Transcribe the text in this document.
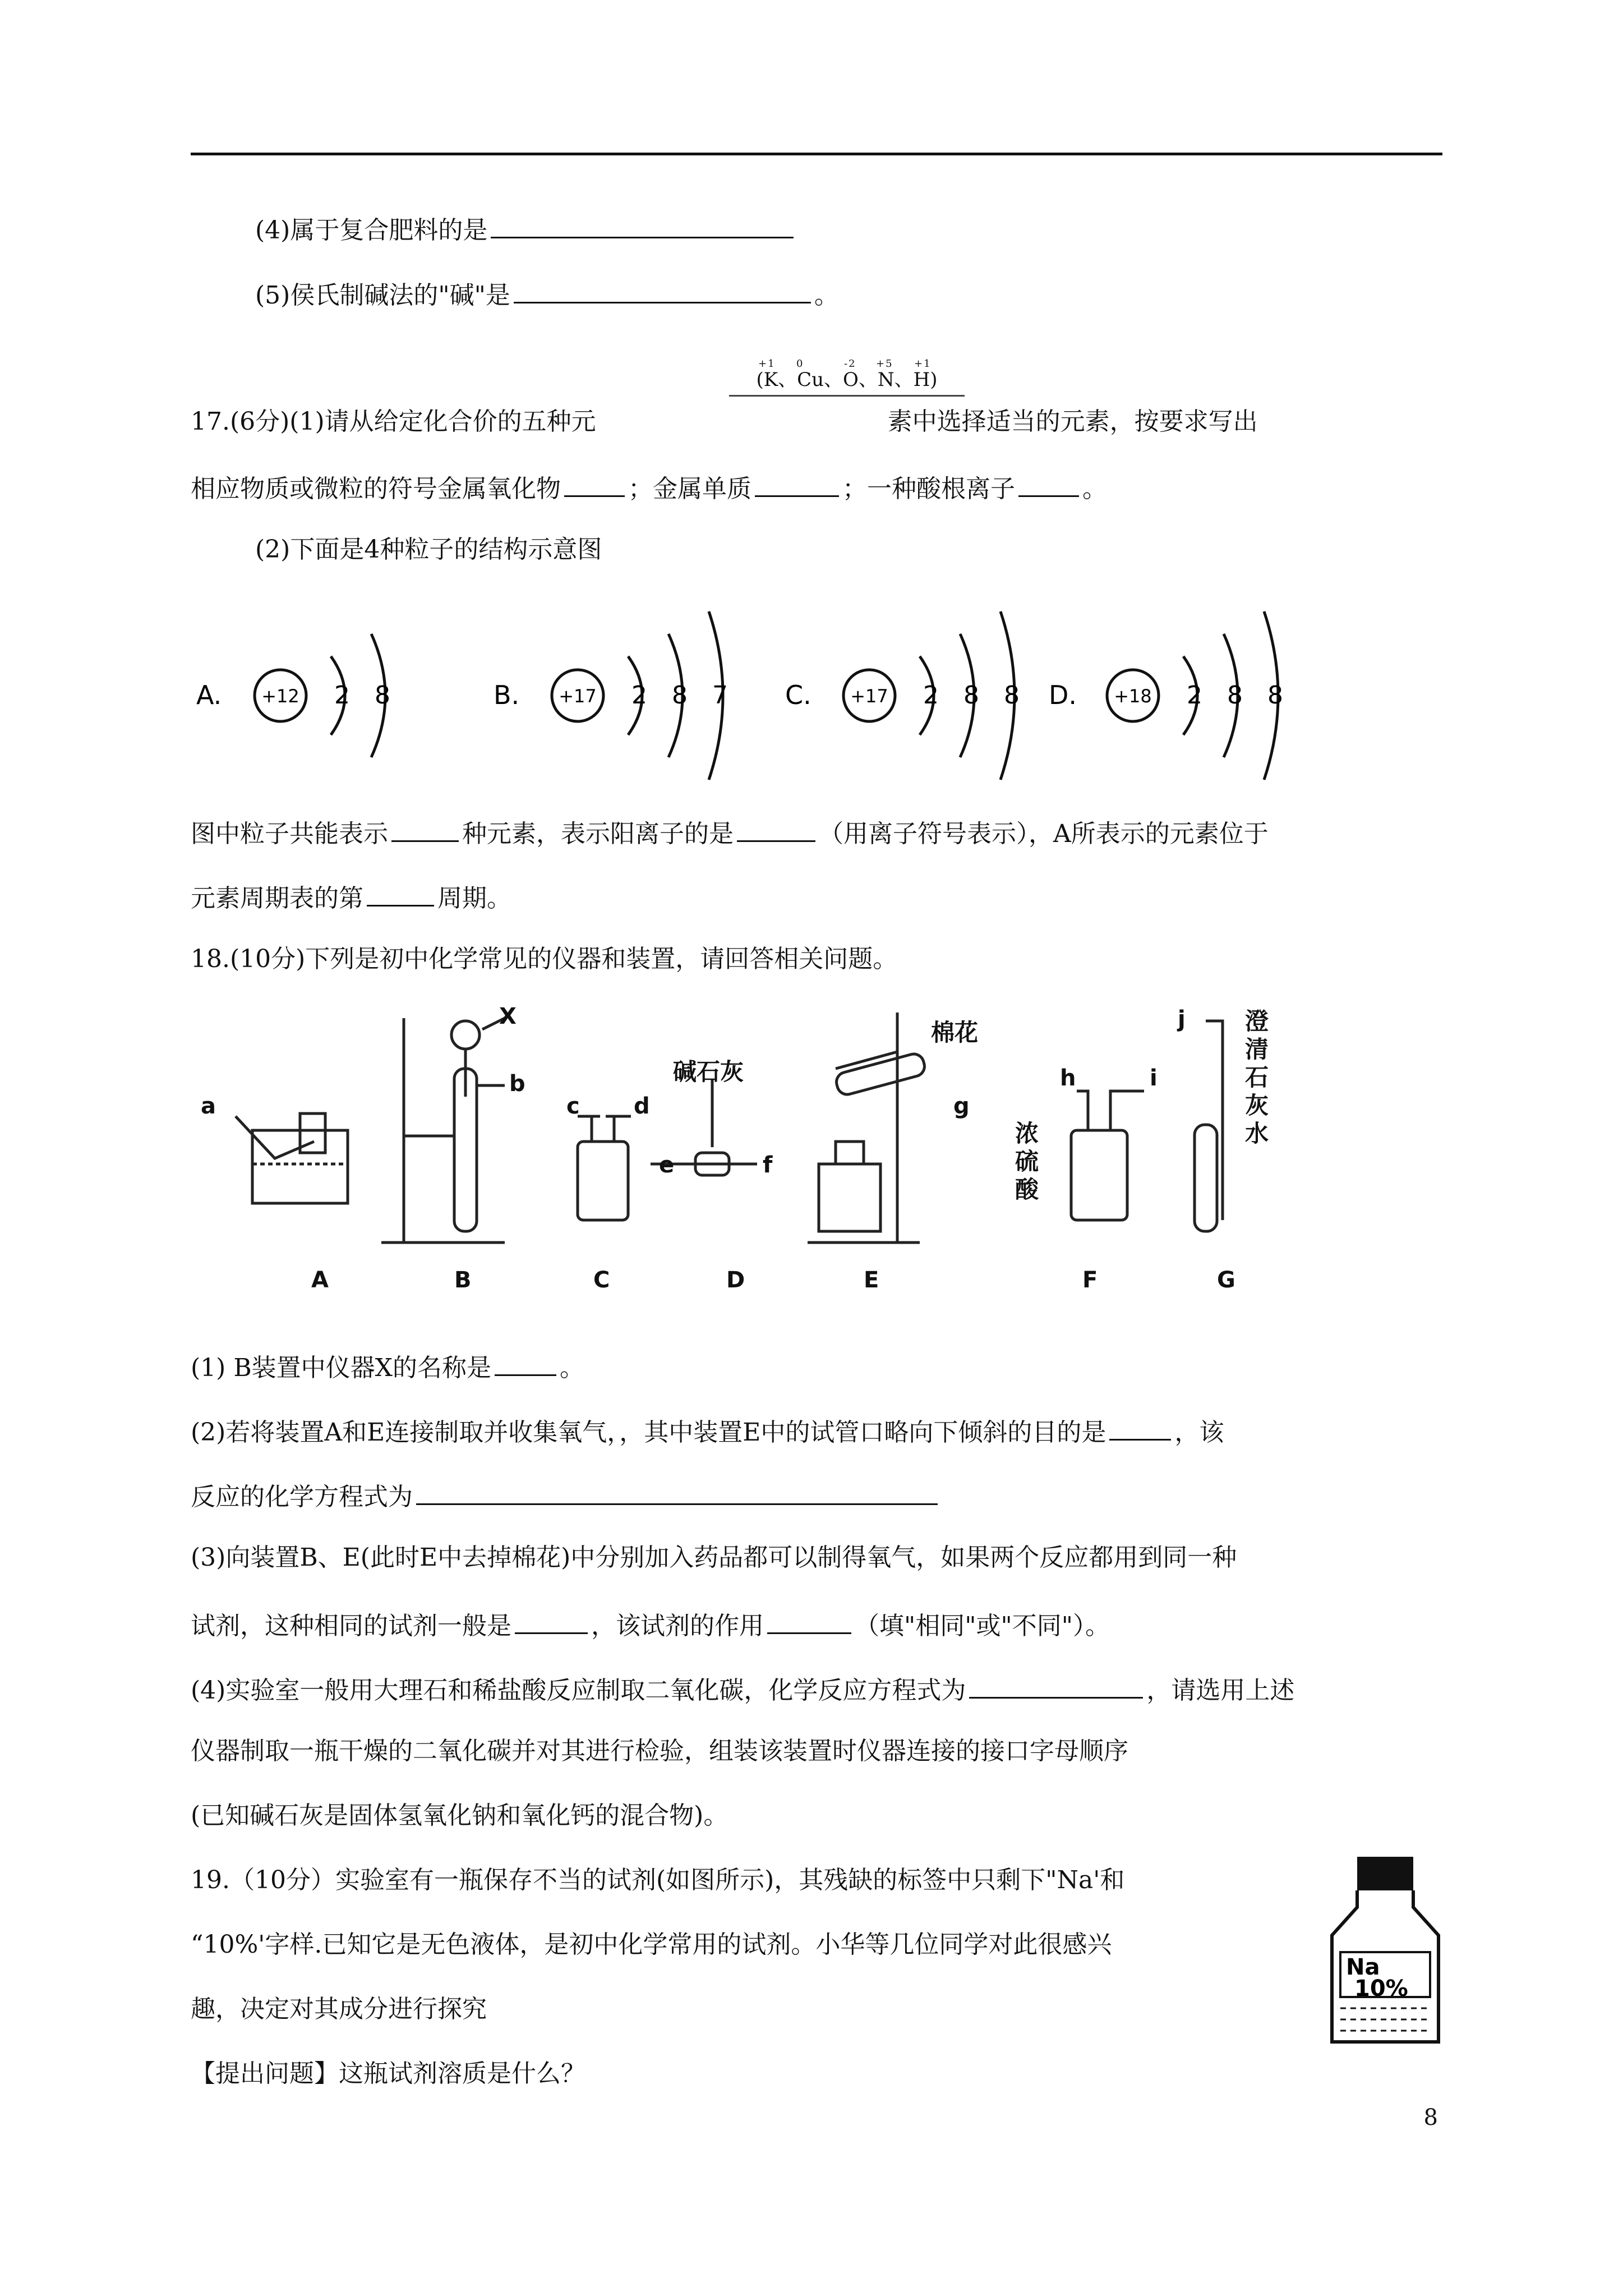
(4)属于复合肥料的是
(5)侯氏制碱法的"碱"是	。
+1 0	-2 +5 +1
(K、Cu、O、N、H)
17.(6分)(1)请从给定化合价的五种元	素中选择适当的元素，按要求写出
相应物质或微粒的符号金属氧化物	；金属单质	；一种酸根离子	。
(2)下面是4种粒子的结构示意图
A. +12 2 8	B. +17 2 8 7 C. +17 2 8 8 D. +18 2 8 8
图中粒子共能表示	种元素，表示阳离子的是	（用离子符号表示），A所表示的元素位于
元素周期表的第	周期。
18.(10分)下列是初中化学常见的仪器和装置，请回答相关问题。
a
X
b
c d
e	f
g
h	i
j
碱石灰
棉花
浓
硫
酸
澄
清
石
灰
水
A	B	C	D	E	F	G
(1) B装置中仪器X的名称是	。
(2)若将装置A和E连接制取并收集氧气，，其中装置E中的试管口略向下倾斜的目的是	，该
反应的化学方程式为
(3)向装置B、E(此时E中去掉棉花)中分别加入药品都可以制得氧气，如果两个反应都用到同一种
试剂，这种相同的试剂一般是	，该试剂的作用	（填"相同"或"不同"）。
(4)实验室一般用大理石和稀盐酸反应制取二氧化碳，化学反应方程式为	，请选用上述
仪器制取一瓶干燥的二氧化碳并对其进行检验，组装该装置时仪器连接的接口字母顺序
(已知碱石灰是固体氢氧化钠和氧化钙的混合物)。
19.（10分）实验室有一瓶保存不当的试剂(如图所示)，其残缺的标签中只剩下"Na'和
“10%'字样.已知它是无色液体，是初中化学常用的试剂。小华等几位同学对此很感兴
趣，决定对其成分进行探究
【提出问题】这瓶试剂溶质是什么？
Na
10%
8
